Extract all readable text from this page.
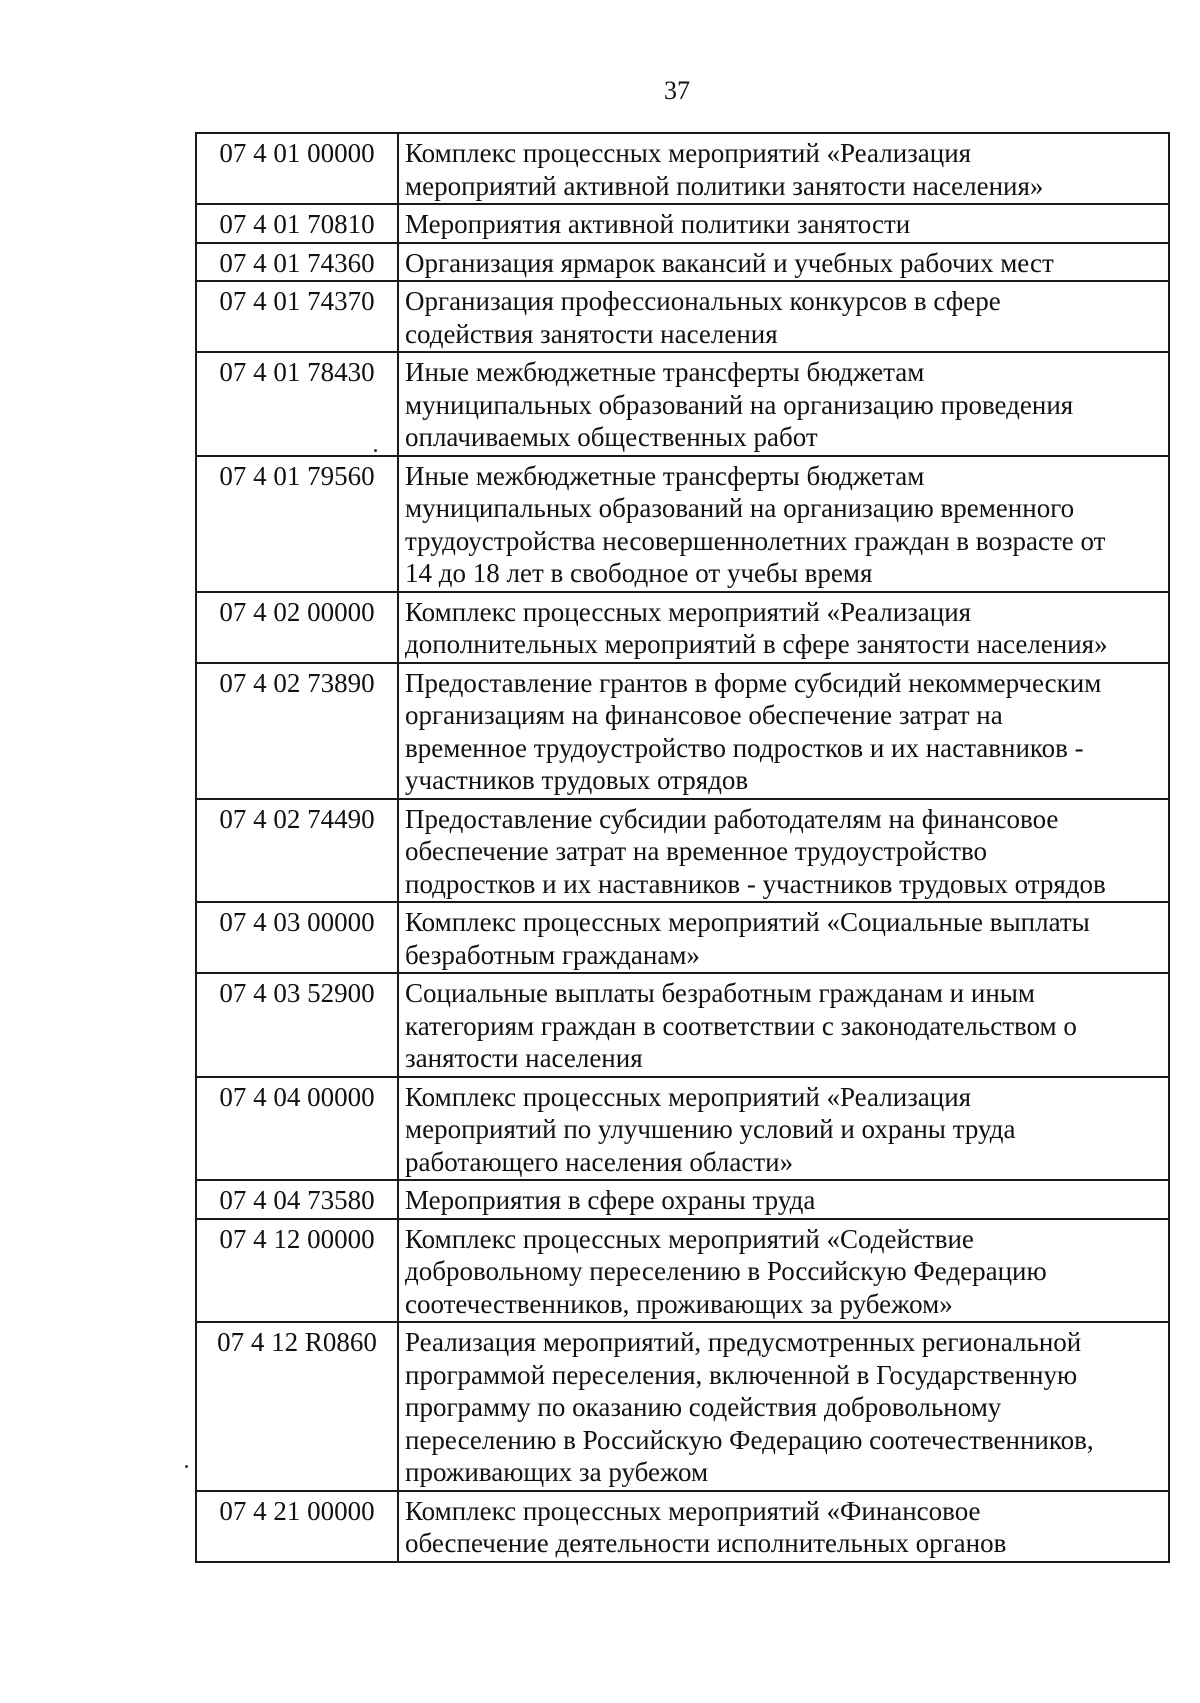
37
07 4 01 00000	Комплекс процессных мероприятий «Реализация
мероприятий активной политики занятости населения»

07 4 01 70810	Мероприятия активной политики занятости

07 4 01 74360	Организация ярмарок вакансий и учебных рабочих мест

07 4 01 74370	Организация профессиональных конкурсов в сфере
содействия занятости населения

07 4 01 78430	Иные межбюджетные трансферты бюджетам
муниципальных образований на организацию проведения
оплачиваемых общественных работ

07 4 01 79560	Иные межбюджетные трансферты бюджетам
муниципальных образований на организацию временного
трудоустройства несовершеннолетних граждан в возрасте от
14 до 18 лет в свободное от учебы время

07 4 02 00000	Комплекс процессных мероприятий «Реализация
дополнительных мероприятий в сфере занятости населения»

07 4 02 73890	Предоставление грантов в форме субсидий некоммерческим
организациям на финансовое обеспечение затрат на
временное трудоустройство подростков и их наставников -
участников трудовых отрядов

07 4 02 74490	Предоставление субсидии работодателям на финансовое
обеспечение затрат на временное трудоустройство
подростков и их наставников - участников трудовых отрядов

07 4 03 00000	Комплекс процессных мероприятий «Социальные выплаты
безработным гражданам»

07 4 03 52900	Социальные выплаты безработным гражданам и иным
категориям граждан в соответствии с законодательством о
занятости населения

07 4 04 00000	Комплекс процессных мероприятий «Реализация
мероприятий по улучшению условий и охраны труда
работающего населения области»

07 4 04 73580	Мероприятия в сфере охраны труда

07 4 12 00000	Комплекс процессных мероприятий «Содействие
добровольному переселению в Российскую Федерацию
соотечественников, проживающих за рубежом»

07 4 12 R0860	Реализация мероприятий, предусмотренных региональной
программой переселения, включенной в Государственную
программу по оказанию содействия добровольному
переселению в Российскую Федерацию соотечественников,
проживающих за рубежом

07 4 21 00000	Комплекс процессных мероприятий «Финансовое
обеспечение деятельности исполнительных органов
